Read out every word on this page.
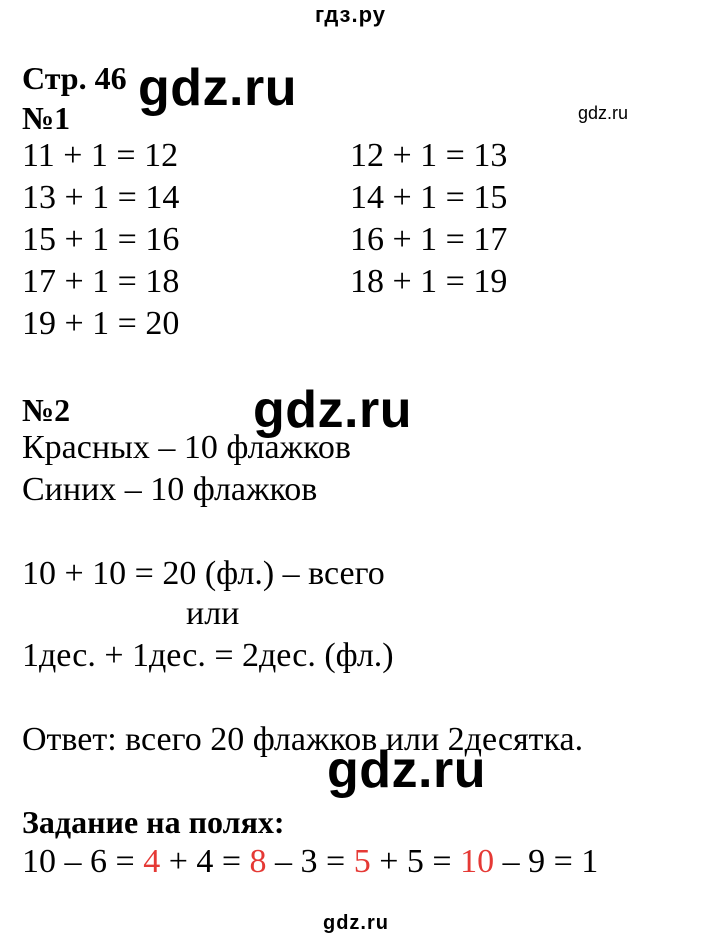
гдз.ру
Стр. 46 gdz.ru	gdz.ru
№1
11 + 1 = 12
13 + 1 = 14
15 + 1 = 16
17 + 1 = 18
19 + 1 = 20
12 + 1 = 13
14 + 1 = 15
16 + 1 = 17
18 + 1 = 19
№2	gdz.ru
Красных – 10 флажков
Синих – 10 флажков
10 + 10 = 20 (фл.) – всего
или
1дес. + 1дес. = 2дес. (фл.)
Ответ: всего 20 флажков или 2десятка.
gdz.ru
Задание на полях:
10 – 6 = 4 + 4 = 8 – 3 = 5 + 5 = 10 – 9 = 1
gdz.ru
